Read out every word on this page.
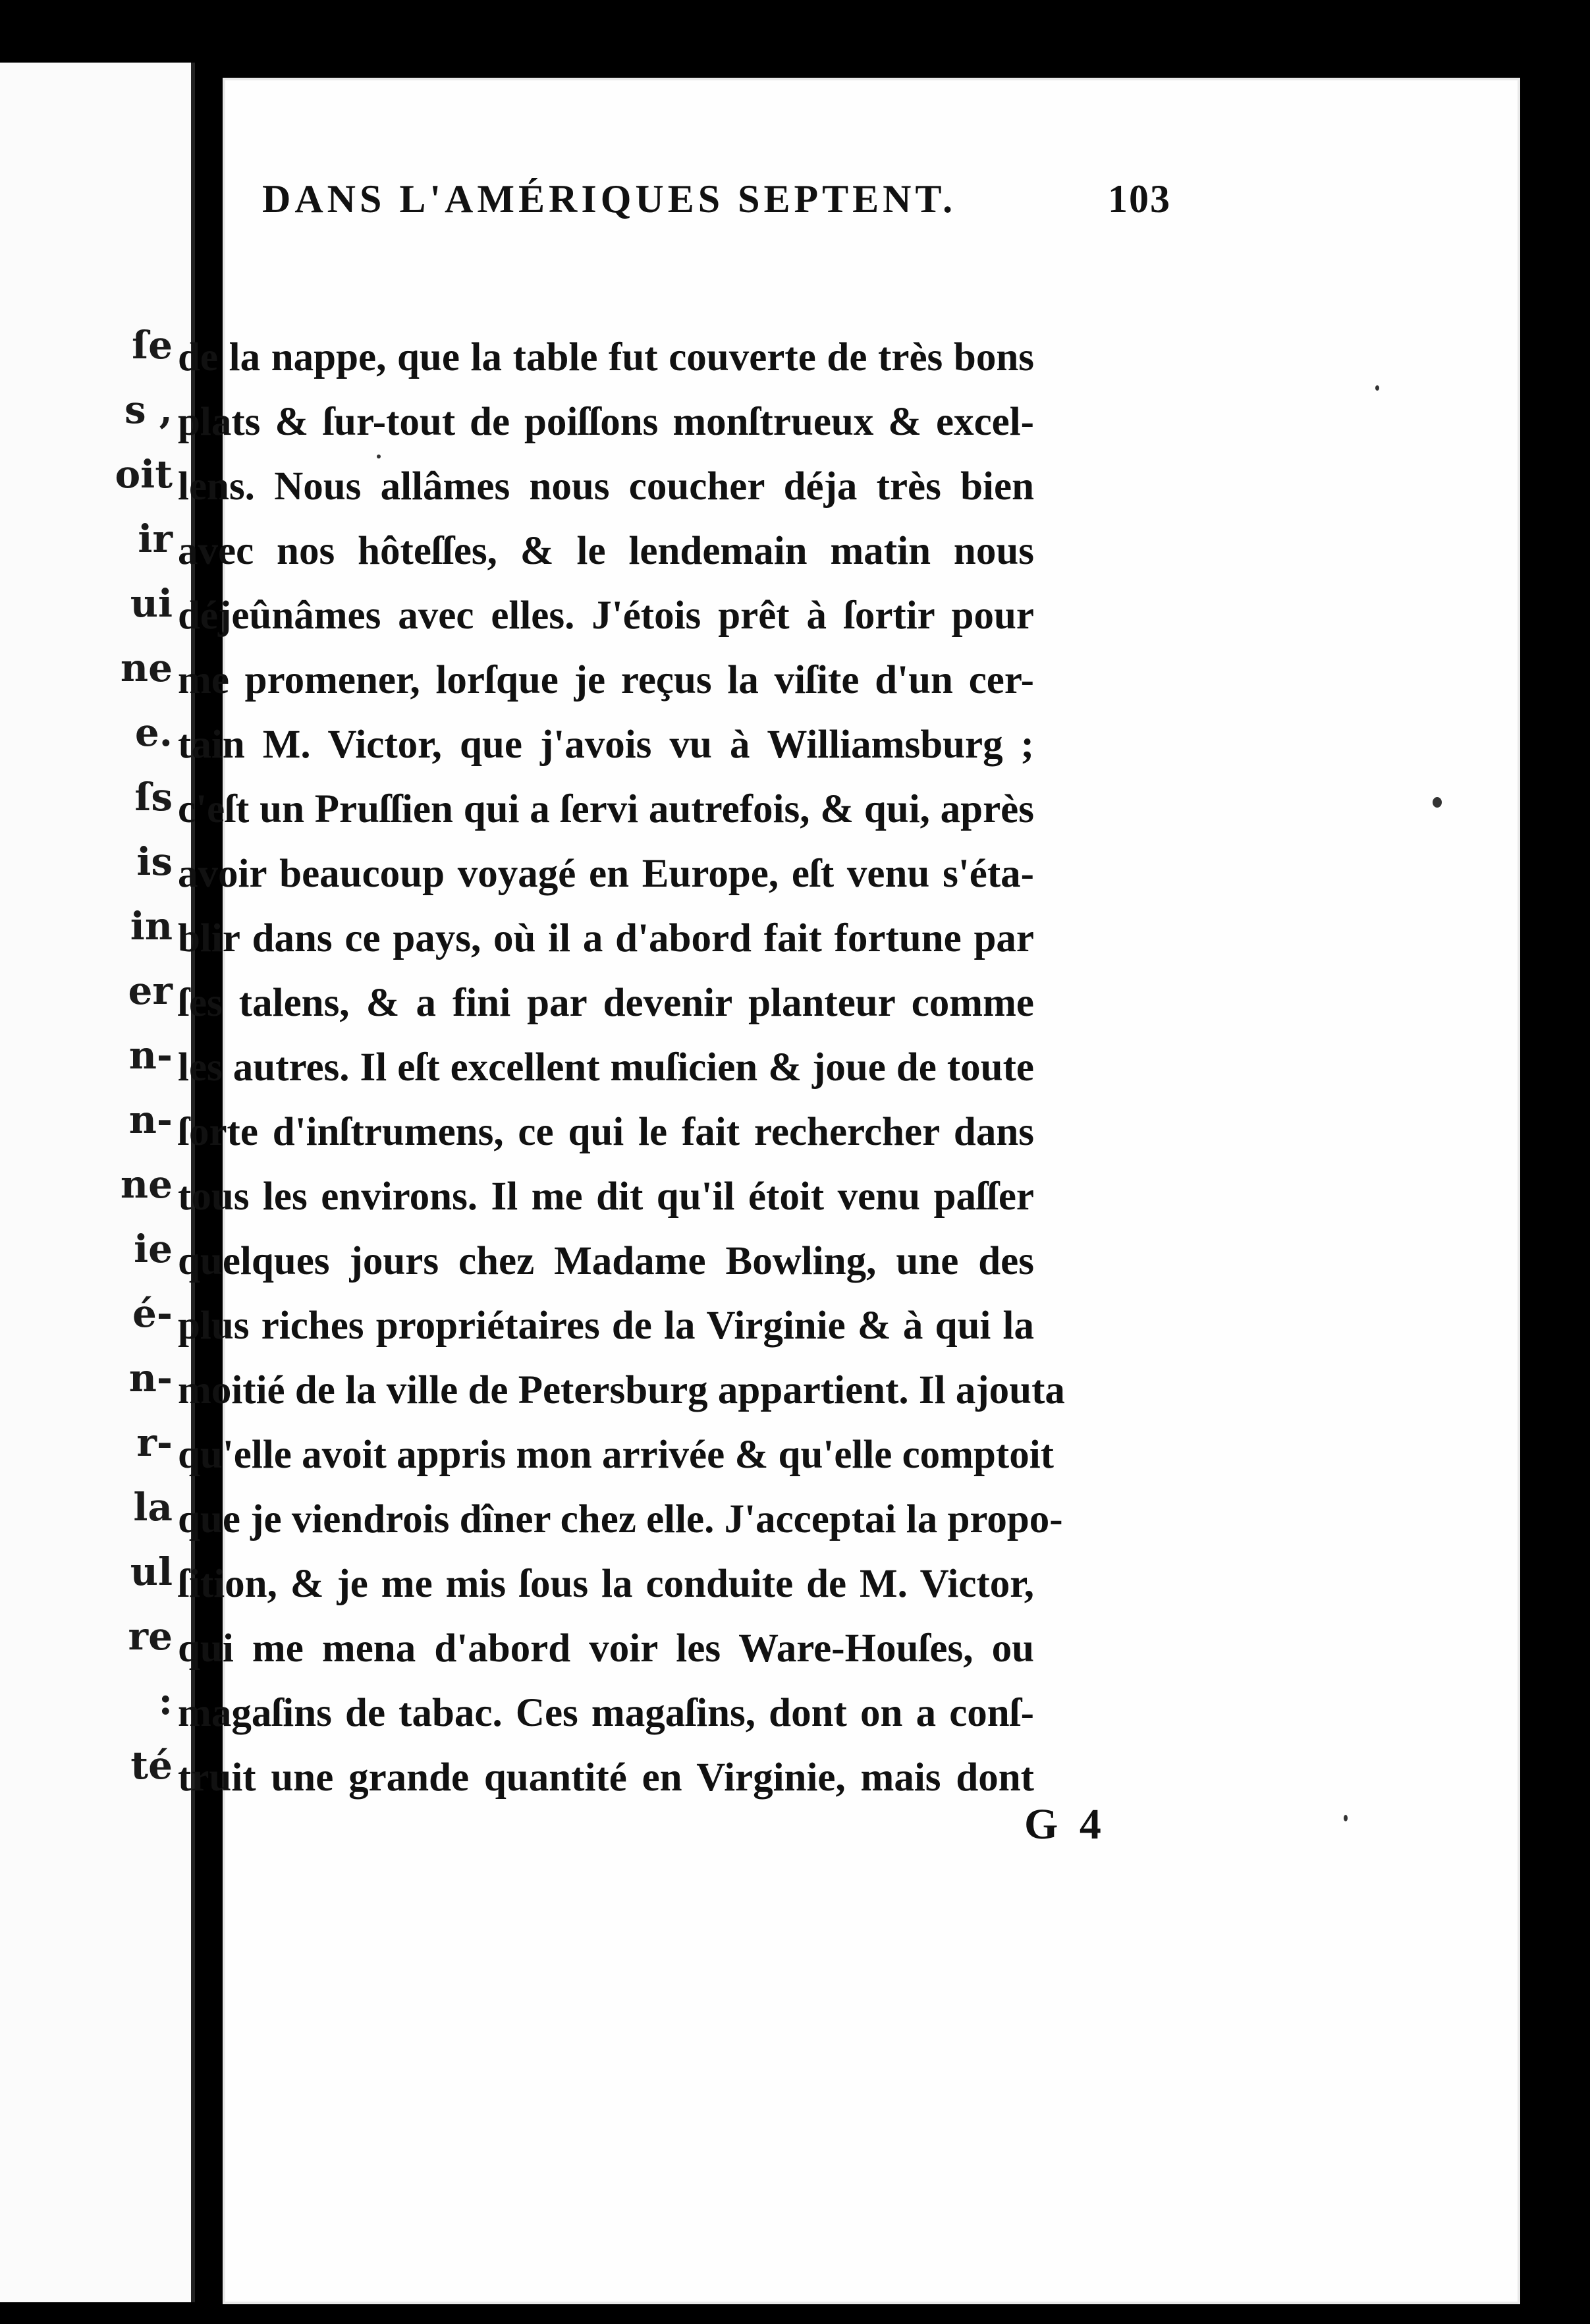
ſe
s ,
oit
ir
ui
ne
e.
ſs
is
in
er
n-
n-
ne
ie
é-
n-
r-
la
ul
re
:
té
DANS L'AMÉRIQUES SEPTENT.	103
de la nappe, que la table fut couverte de très bons
plats & ſur-tout de poiſſons monſtrueux & excel-
lens. Nous allâmes nous coucher déja très bien
avec nos hôteſſes, & le lendemain matin nous
déjeûnâmes avec elles. J'étois prêt à ſortir pour
me promener, lorſque je reçus la viſite d'un cer-
tain M. Victor, que j'avois vu à Williamsburg ;
c'eſt un Pruſſien qui a ſervi autrefois, & qui, après
avoir beaucoup voyagé en Europe, eſt venu s'éta-
blir dans ce pays, où il a d'abord fait fortune par
ſes talens, & a fini par devenir planteur comme
les autres. Il eſt excellent muſicien & joue de toute
ſorte d'inſtrumens, ce qui le fait rechercher dans
tous les environs. Il me dit qu'il étoit venu paſſer
quelques jours chez Madame Bowling, une des
plus riches propriétaires de la Virginie & à qui la
moitié de la ville de Petersburg appartient. Il ajouta
qu'elle avoit appris mon arrivée & qu'elle comptoit
que je viendrois dîner chez elle. J'acceptai la propo-
ſition, & je me mis ſous la conduite de M. Victor,
qui me mena d'abord voir les Ware-Houſes, ou
magaſins de tabac. Ces magaſins, dont on a conſ-
truit une grande quantité en Virginie, mais dont
G 4
